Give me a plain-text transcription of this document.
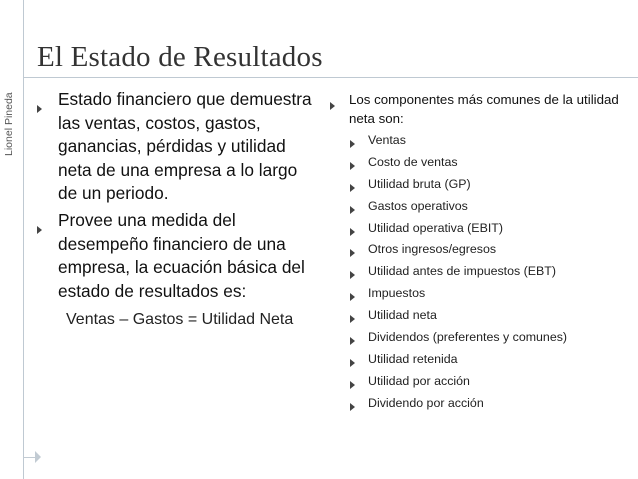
Lionel Pineda
El Estado de Resultados
Estado financiero que demuestra las ventas, costos, gastos, ganancias, pérdidas y utilidad neta de una empresa a lo largo de un periodo.
Provee una medida del desempeño financiero de una empresa, la ecuación básica del estado de resultados es:
Ventas – Gastos = Utilidad Neta
Los componentes más comunes de la utilidad neta son:
Ventas
Costo de ventas
Utilidad bruta (GP)
Gastos operativos
Utilidad operativa (EBIT)
Otros ingresos/egresos
Utilidad antes de impuestos (EBT)
Impuestos
Utilidad neta
Dividendos (preferentes y comunes)
Utilidad retenida
Utilidad por acción
Dividendo por acción
